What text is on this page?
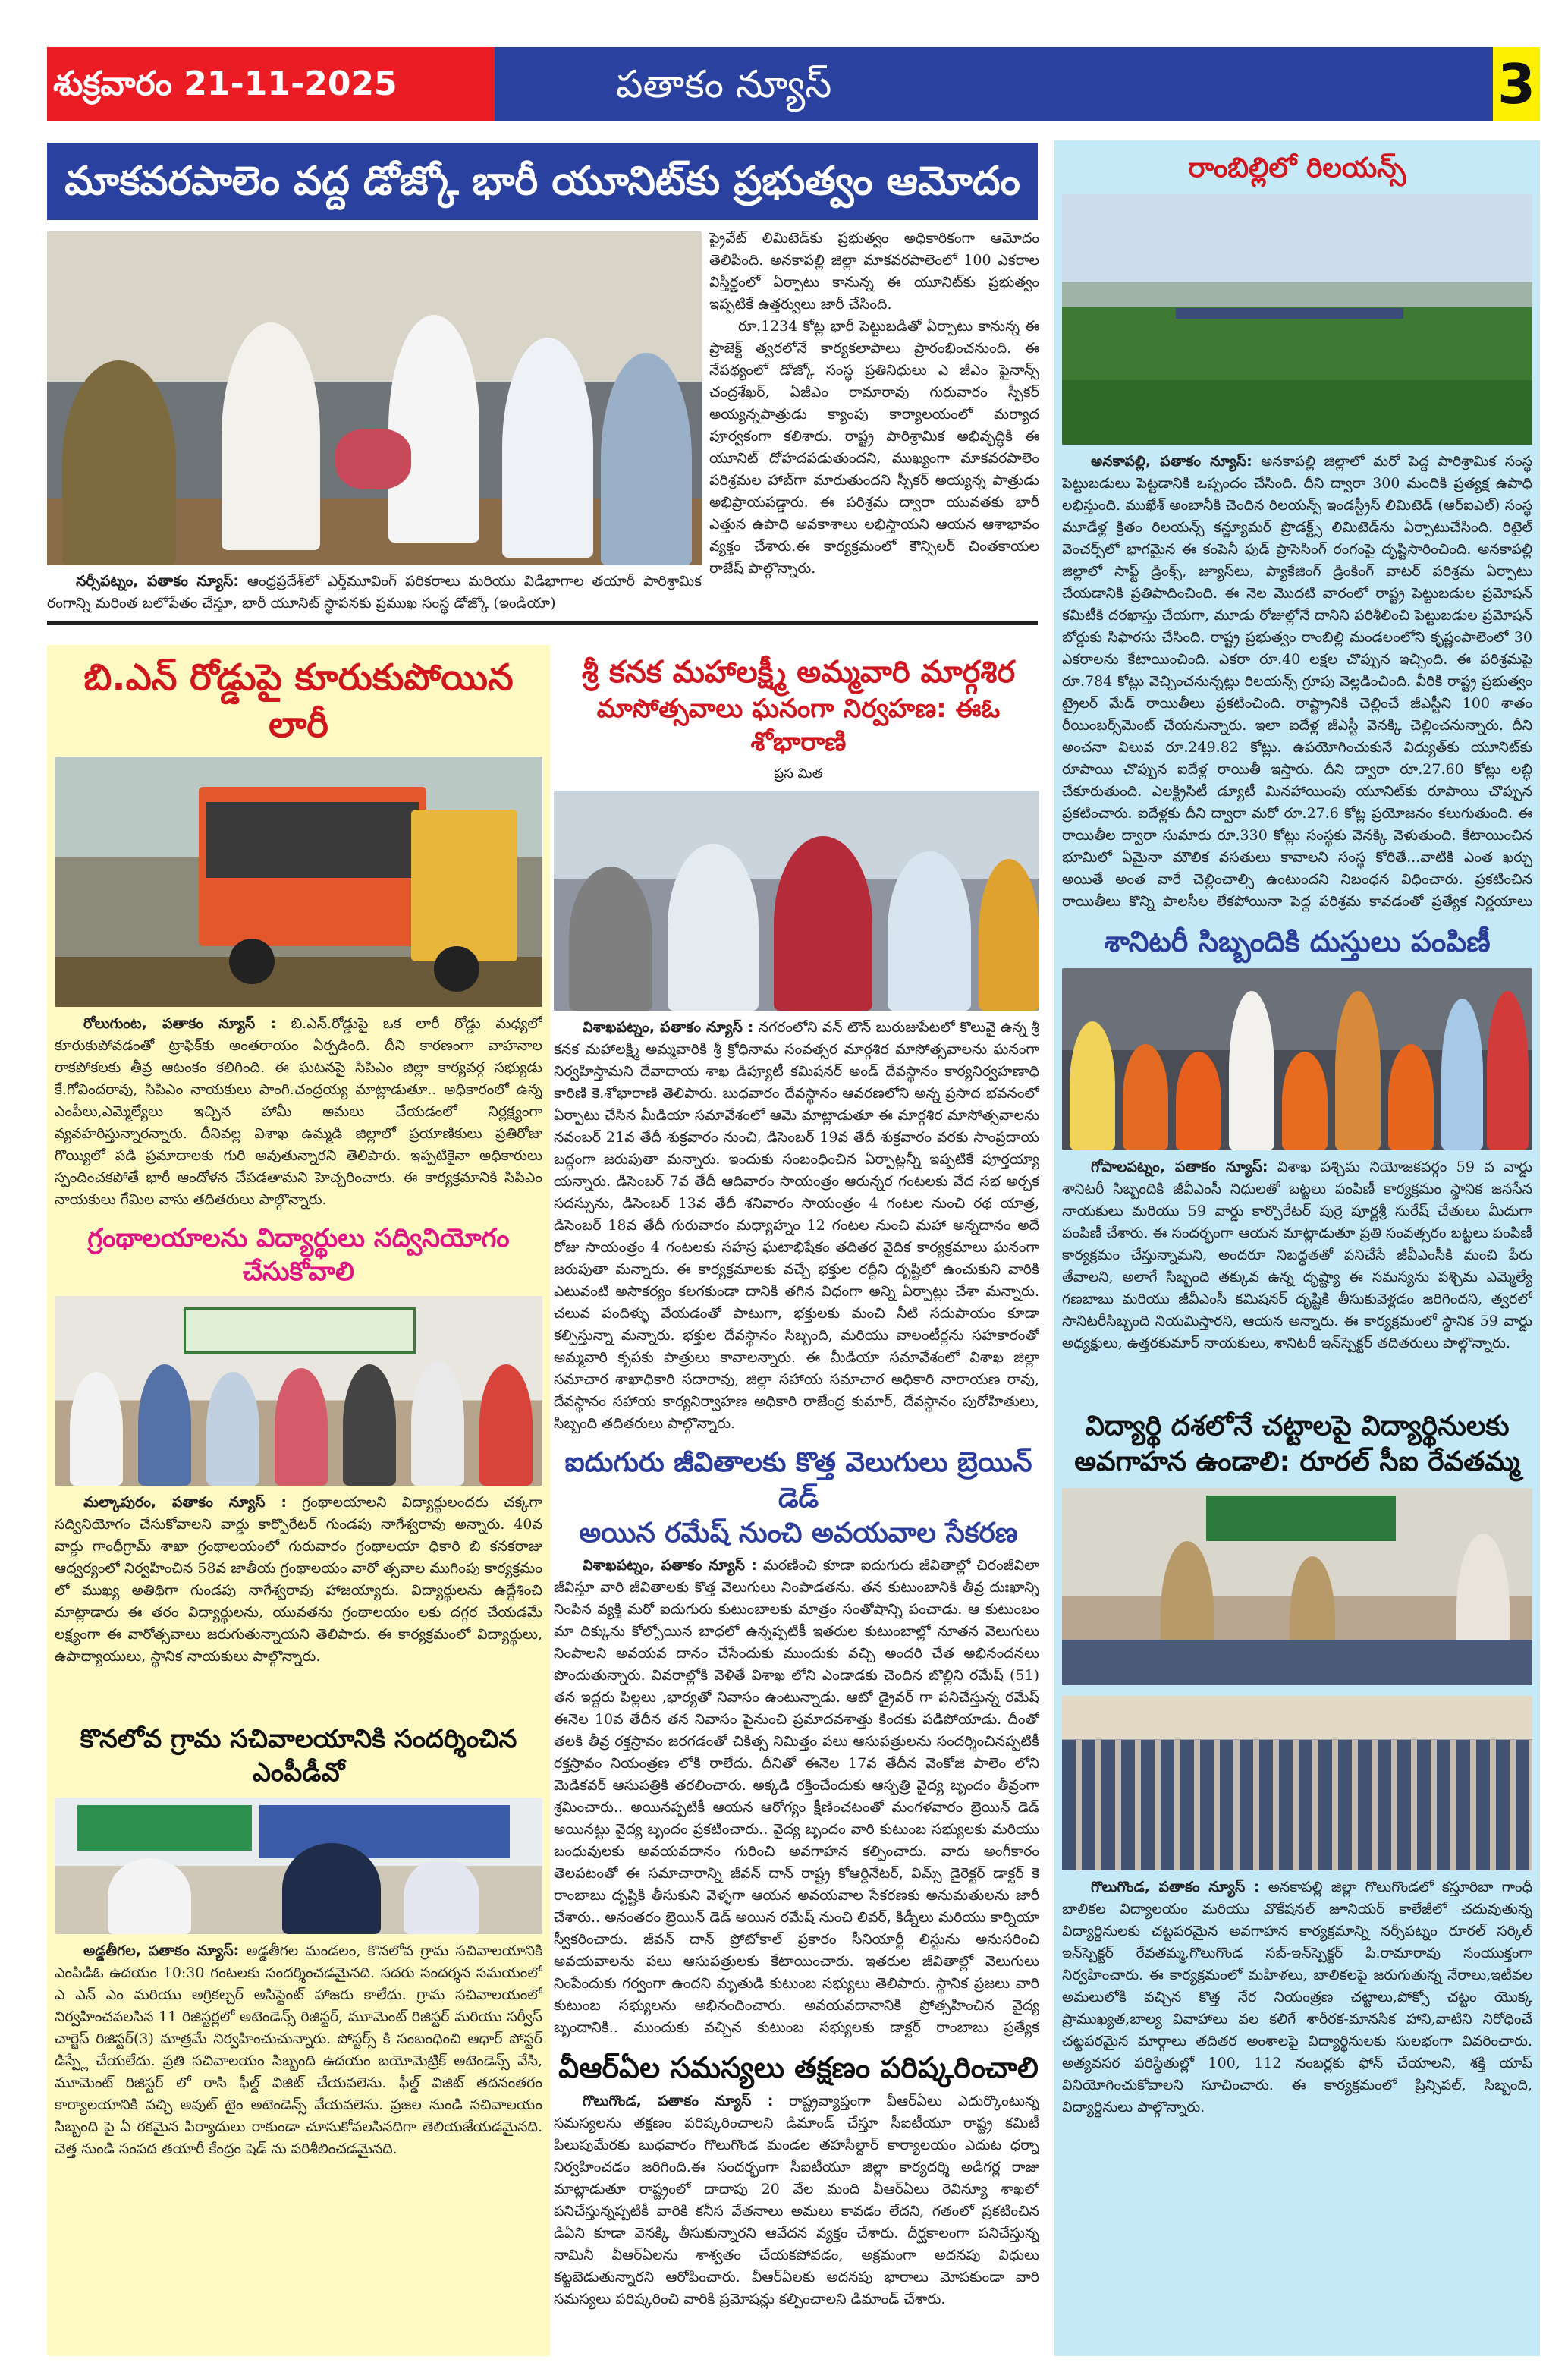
శుక్రవారం 21-11-2025	పతాకం న్యూస్	3
మాకవరపాలెం వద్ద డోజ్కో భారీ యూనిట్‌కు ప్రభుత్వం ఆమోదం
ప్రైవేట్ లిమిటెడ్‌కు ప్రభుత్వం అధికారికంగా ఆమోదం తెలిపింది. అనకాపల్లి జిల్లా మాకవరపాలెంలో 100 ఎకరాల విస్తీర్ణంలో ఏర్పాటు కానున్న ఈ యూనిట్‌కు ప్రభుత్వం ఇప్పటికే ఉత్తర్వులు జారీ చేసింది.
  రూ.1234 కోట్ల భారీ పెట్టుబడితో ఏర్పాటు కానున్న ఈ ప్రాజెక్ట్ త్వరలోనే కార్యకలాపాలు ప్రారంభించనుంది. ఈ నేపథ్యంలో డోజ్కో సంస్థ ప్రతినిధులు ఎ జీఎం ఫైనాన్స్ చంద్రశేఖర్, ఏజీఎం రామారావు గురువారం స్పీకర్ అయ్యన్నపాత్రుడు క్యాంపు కార్యాలయంలో మర్యాద పూర్వకంగా కలిశారు. రాష్ట్ర పారిశ్రామిక అభివృద్ధికి ఈ యూనిట్ దోహదపడుతుందని, ముఖ్యంగా మాకవరపాలెం పరిశ్రమల హాబ్‌గా మారుతుందని స్పీకర్ అయ్యన్న పాత్రుడు అభిప్రాయపడ్డారు. ఈ పరిశ్రమ ద్వారా యువతకు భారీ ఎత్తున ఉపాధి అవకాశాలు లభిస్తాయని ఆయన ఆశాభావం వ్యక్తం చేశారు.ఈ కార్యక్రమంలో కౌన్సిలర్ చింతకాయల రాజేష్ పాల్గొన్నారు.
  నర్సీపట్నం, పతాకం న్యూస్: ఆంధ్రప్రదేశ్‌లో ఎర్త్‌మూవింగ్ పరికరాలు మరియు విడిభాగాల తయారీ పారిశ్రామిక రంగాన్ని మరింత బలోపేతం చేస్తూ, భారీ యూనిట్ స్థాపనకు ప్రముఖ సంస్థ డోజ్కో (ఇండియా)
బి.ఎన్ రోడ్డుపై కూరుకుపోయిన లారీ
  రోలుగుంట, పతాకం న్యూస్ : బి.ఎన్.రోడ్డుపై ఒక లారీ రోడ్డు మధ్యలో కూరుకుపోవడంతో ట్రాఫిక్‌కు అంతరాయం ఏర్పడింది. దీని కారణంగా వాహనాల రాకపోకలకు తీవ్ర ఆటంకం కలిగింది. ఈ ఘటనపై సిపిఎం జిల్లా కార్యవర్గ సభ్యుడు కే.గోవిందరావు, సిపిఎం నాయకులు పాంగి.చంద్రయ్య మాట్లాడుతూ.. అధికారంలో ఉన్న ఎంపీలు,ఎమ్మెల్యేలు ఇచ్చిన హామీ అమలు చేయడంలో నిర్లక్ష్యంగా వ్యవహరిస్తున్నారన్నారు. దీనివల్ల విశాఖ ఉమ్మడి జిల్లాలో ప్రయాణికులు ప్రతిరోజు గొయ్యిలో పడి ప్రమాదాలకు గురి అవుతున్నారని తెలిపారు. ఇప్పటికైనా అధికారులు స్పందించకపోతే భారీ ఆందోళన చేపడతామని హెచ్చరించారు. ఈ కార్యక్రమానికి సిపిఎం నాయకులు గేమిల వాసు తదితరులు పాల్గొన్నారు.
గ్రంథాలయాలను విద్యార్థులు సద్వినియోగం చేసుకోవాలి
  మల్కాపురం, పతాకం న్యూస్ : గ్రంథాలయాలని విద్యార్థులందరు చక్కగా సద్వినియోగం చేసుకోవాలని వార్డు కార్పొరేటర్ గుండపు నాగేశ్వరావు అన్నారు. 40వ వార్డు గాంధీగ్రామ్ శాఖా గ్రంథాలయంలో గురువారం గ్రంథాలయా ధికారి బి కనకరాజు ఆధ్వర్యంలో నిర్వహించిన 58వ జాతీయ గ్రంథాలయం వారో త్సవాల ముగింపు కార్యక్రమం లో ముఖ్య అతిథిగా గుండపు నాగేశ్వరావు హాజయ్యారు. విద్యార్థులను ఉద్దేశించి మాట్లాడారు ఈ తరం విద్యార్థులను, యువతను గ్రంథాలయం లకు దగ్గర చేయడమే లక్ష్యంగా ఈ వారోత్సవాలు జరుగుతున్నాయని తెలిపారు. ఈ కార్యక్రమంలో విద్యార్థులు, ఉపాధ్యాయులు, స్థానిక నాయకులు పాల్గొన్నారు.
కొనలోవ గ్రామ సచివాలయానికి సందర్శించిన ఎంపీడీవో
  అడ్డతీగల, పతాకం న్యూస్: అడ్డతీగల మండలం, కొనలోవ గ్రామ సచివాలయానికి ఎంపిడిఓ ఉదయం 10:30 గంటలకు సందర్శించడమైనది. సదరు సందర్శన సమయంలో ఎ ఎన్ ఎం మరియు అగ్రికల్చర్ అసిస్టెంట్ హాజరు కాలేదు. గ్రామ సచివాలయంలో నిర్వహించవలసిన 11 రిజిస్టర్లలో అటెండెన్స్ రిజిస్టర్, మూమెంట్ రిజిస్టర్ మరియు సర్వీస్ చార్జెస్ రిజిస్టర్(3) మాత్రమే నిర్వహించుచున్నారు. పోస్టర్స్ కి సంబంధించి ఆధార్ పోస్టర్ డిస్ప్లే చేయలేదు. ప్రతి సచివాలయం సిబ్బంది ఉదయం బయోమెట్రిక్ అటెండెన్స్ వేసి, మూమెంట్ రిజిస్టర్ లో రాసి ఫీల్డ్ విజిట్ చేయవలెను. ఫీల్డ్ విజిట్ తదనంతరం కార్యాలయానికి వచ్చి అవుట్ టైం అటెండెన్స్ వేయవలెను. ప్రజల నుండి సచివాలయం సిబ్బంది పై ఏ రకమైన పిర్యాదులు రాకుండా చూసుకోవలసినదిగా తెలియజేయడమైనది. చెత్త నుండి సంపద తయారీ కేంద్రం షెడ్ ను పరిశీలించడమైనది.
శ్రీ కనక మహాలక్ష్మీ అమ్మవారి మార్గశిర
మాసోత్సవాలు ఘనంగా నిర్వహణ: ఈఓ శోభారాణి
ప్రస మిత
  విశాఖపట్నం, పతాకం న్యూస్ : నగరంలోని వన్ టౌన్ బురుజుపేటలో కొలువై ఉన్న శ్రీ కనక మహాలక్ష్మి అమ్మవారికి శ్రీ క్రోధినామ సంవత్సర మార్గశిర మాసోత్సవాలను ఘనంగా నిర్వహిస్తామని దేవాదాయ శాఖ డిప్యూటీ కమిషనర్ అండ్ దేవస్థానం కార్యనిర్వహణాధి కారిణి కె.శోభారాణి తెలిపారు. బుధవారం దేవస్థానం ఆవరణలోని అన్న ప్రసాద భవనంలో ఏర్పాటు చేసిన మీడియా సమావేశంలో ఆమె మాట్లాడుతూ ఈ మార్గశిర మాసోత్సవాలను నవంబర్ 21వ తేదీ శుక్రవారం నుంచి, డిసెంబర్ 19వ తేదీ శుక్రవారం వరకు సాంప్రదాయ బద్ధంగా జరుపుతా మన్నారు. ఇందుకు సంబంధించిన ఏర్పాట్లన్నీ ఇప్పటికే పూర్తయ్యా యన్నారు. డిసెంబర్ 7వ తేదీ ఆదివారం సాయంత్రం ఆరున్నర గంటలకు వేద సభ అర్చక సదస్సును, డిసెంబర్ 13వ తేదీ శనివారం సాయంత్రం 4 గంటల నుంచి రథ యాత్ర, డిసెంబర్ 18వ తేదీ గురువారం మధ్యాహ్నం 12 గంటల నుంచి మహా అన్నదానం అదే రోజు సాయంత్రం 4 గంటలకు సహస్ర ఘటాభిషేకం తదితర వైదిక కార్యక్రమాలు ఘనంగా జరుపుతా మన్నారు. ఈ కార్యక్రమాలకు వచ్చే భక్తుల రద్దీని దృష్టిలో ఉంచుకుని వారికి ఎటువంటి అసౌకర్యం కలగకుండా దానికి తగిన విధంగా అన్ని ఏర్పాట్లు చేశా మన్నారు. చలువ పందిళ్ళు వేయడంతో పాటుగా, భక్తులకు మంచి నీటి సదుపాయం కూడా కల్పిస్తున్నా మన్నారు. భక్తుల దేవస్థానం సిబ్బంది, మరియు వాలంటీర్లను సహకారంతో అమ్మవారి కృపకు పాత్రులు కావాలన్నారు. ఈ మీడియా సమావేశంలో విశాఖ జిల్లా సమాచార శాఖాధికారి సదారావు, జిల్లా సహాయ సమాచార అధికారి నారాయణ రావు, దేవస్థానం సహాయ కార్యనిర్వాహణ అధికారి రాజేంద్ర కుమార్, దేవస్థానం పురోహితులు, సిబ్బంది తదితరులు పాల్గొన్నారు.
ఐదుగురు జీవితాలకు కొత్త వెలుగులు బ్రెయిన్ డెడ్
అయిన రమేష్ నుంచి అవయవాల సేకరణ
  విశాఖపట్నం, పతాకం న్యూస్ : మరణించి కూడా ఐదుగురు జీవితాల్లో చిరంజీవిలా జీవిస్తూ వారి జీవితాలకు కొత్త వెలుగులు నింపాడతను. తన కుటుంబానికి తీవ్ర దుఃఖాన్ని నింపిన వ్యక్తి మరో ఐదుగురు కుటుంబాలకు మాత్రం సంతోషాన్ని పంచాడు. ఆ కుటుంబం మా దిక్కును కోల్పోయిన బాధలో ఉన్నప్పటికీ ఇతరుల కుటుంబాల్లో నూతన వెలుగులు నింపాలని అవయవ దానం చేసేందుకు ముందుకు వచ్చి అందరి చేత అభినందనలు పొందుతున్నారు. వివరాల్లోకి వెళితే విశాఖ లోని ఎండాడకు చెందిన బొల్లిని రమేష్ (51) తన ఇద్దరు పిల్లలు ,భార్యతో నివాసం ఉంటున్నాడు. ఆటో డ్రైవర్ గా పనిచేస్తున్న రమేష్ ఈనెల 10వ తేదీన తన నివాసం పైనుంచి ప్రమాదవశాత్తు కిందకు పడిపోయాడు. దీంతో తలకి తీవ్ర రక్తస్రావం జరగడంతో చికిత్స నిమిత్తం పలు ఆసుపత్రులను సందర్శించినప్పటికీ రక్తస్రావం నియంత్రణ లోకి రాలేదు. దీనితో ఈనెల 17వ తేదీన వెంకోజి పాలెం లోని మెడికవర్ ఆసుపత్రికి తరలించారు. అక్కడి రక్తించేందుకు ఆస్పత్రి వైద్య బృందం తీవ్రంగా శ్రమించారు.. అయినప్పటికీ ఆయన ఆరోగ్యం క్షీణించటంతో మంగళవారం బ్రెయిన్ డెడ్ అయినట్టు వైద్య బృందం ప్రకటించారు.. వైద్య బృందం వారి కుటుంబ సభ్యులకు మరియు బంధువులకు అవయవదానం గురించి అవగాహన కల్పించారు. వారు అంగీకారం తెలపటంతో ఈ సమాచారాన్ని జీవన్ దాన్ రాష్ట్ర కోఆర్డినేటర్, విమ్స్ డైరెక్టర్ డాక్టర్ కె రాంబాబు దృష్టికి తీసుకుని వెళ్ళగా ఆయన అవయవాల సేకరణకు అనుమతులను జారీ చేశారు.. అనంతరం బ్రెయిన్ డెడ్ అయిన రమేష్ నుంచి లివర్, కిడ్నీలు మరియు కార్నియా స్వీకరించారు. జీవన్ దాన్ ప్రోటోకాల్ ప్రకారం సీనియార్టీ లిస్టును అనుసరించి అవయవాలను పలు ఆసుపత్రులకు కేటాయించారు. ఇతరుల జీవితాల్లో వెలుగులు నింపేందుకు గర్వంగా ఉందని మృతుడి కుటుంబ సభ్యులు తెలిపారు. స్థానిక ప్రజలు వారి కుటుంబ సభ్యులను అభినందించారు. అవయవదానానికి ప్రోత్సహించిన వైద్య బృందానికి.. ముందుకు వచ్చిన కుటుంబ సభ్యులకు డాక్టర్ రాంబాబు ప్రత్యేక
వీఆర్‌ఏల సమస్యలు తక్షణం పరిష్కరించాలి
  గొలుగొండ, పతాకం న్యూస్ : రాష్ట్రవ్యాప్తంగా వీఆర్‌ఏలు ఎదుర్కొంటున్న సమస్యలను తక్షణం పరిష్కరించాలని డిమాండ్ చేస్తూ సీఐటీయూ రాష్ట్ర కమిటీ పిలుపుమేరకు బుధవారం గొలుగొండ మండల తహసీల్దార్ కార్యాలయం ఎదుట ధర్నా నిర్వహించడం జరిగింది.ఈ సందర్భంగా సీఐటీయూ జిల్లా కార్యదర్శి అడిగర్ల రాజు మాట్లాడుతూ రాష్ట్రంలో దాదాపు 20 వేల మంది వీఆర్‌ఏలు రెవిన్యూ శాఖలో పనిచేస్తున్నప్పటికీ వారికి కనీస వేతనాలు అమలు కావడం లేదని, గతంలో ప్రకటించిన డిఏని కూడా వెనక్కి తీసుకున్నారని ఆవేదన వ్యక్తం చేశారు. దీర్ఘకాలంగా పనిచేస్తున్న నామినీ వీఆర్‌ఏలను శాశ్వతం చేయకపోవడం, అక్రమంగా అదనపు విధులు కట్టబెడుతున్నారని ఆరోపించారు. వీఆర్‌ఏలకు అదనపు భారాలు మోపకుండా వారి సమస్యలు పరిష్కరించి వారికి ప్రమోషన్లు కల్పించాలని డిమాండ్ చేశారు.
రాంబిల్లిలో రిలయన్స్
  అనకాపల్లి, పతాకం న్యూస్: అనకాపల్లి జిల్లాలో మరో పెద్ద పారిశ్రామిక సంస్థ పెట్టుబడులు పెట్టడానికి ఒప్పందం చేసింది. దీని ద్వారా 300 మందికి ప్రత్యక్ష ఉపాధి లభిస్తుంది. ముఖేశ్ అంబానీకి చెందిన రిలయన్స్ ఇండస్ట్రీస్ లిమిటెడ్ (ఆర్‌ఐఎల్) సంస్థ మూడేళ్ల క్రితం రిలయన్స్ కన్జ్యూమర్ ప్రొడక్ట్స్ లిమిటెడ్‌ను ఏర్పాటుచేసింది. రిటైల్ వెంచర్స్‌లో భాగమైన ఈ కంపెనీ ఫుడ్ ప్రాసెసింగ్ రంగంపై దృష్టిసారించింది. అనకాపల్లి జిల్లాలో సాఫ్ట్ డ్రింక్స్, జ్యూస్‌లు, ప్యాకేజింగ్ డ్రింకింగ్ వాటర్ పరిశ్రమ ఏర్పాటు చేయడానికి ప్రతిపాదించింది. ఈ నెల మొదటి వారంలో రాష్ట్ర పెట్టుబడుల ప్రమోషన్ కమిటీకి దరఖాస్తు చేయగా, మూడు రోజుల్లోనే దానిని పరిశీలించి పెట్టుబడుల ప్రమోషన్ బోర్డుకు సిఫారసు చేసింది. రాష్ట్ర ప్రభుత్వం రాంబిల్లి మండలంలోని కృష్ణంపాలెంలో 30 ఎకరాలను కేటాయించింది. ఎకరా రూ.40 లక్షల చొప్పున ఇచ్చింది. ఈ పరిశ్రమపై రూ.784 కోట్లు వెచ్చించనున్నట్లు రిలయన్స్ గ్రూపు వెల్లడించింది. వీరికి రాష్ట్ర ప్రభుత్వం ట్రైలర్ మేడ్ రాయితీలు ప్రకటించింది. రాష్ట్రానికి చెల్లించే జీఎస్టీని 100 శాతం రీయింబర్స్‌మెంట్ చేయనున్నారు. ఇలా ఐదేళ్ల జీఎస్టీ వెనక్కి చెల్లించనున్నారు. దీని అంచనా విలువ రూ.249.82 కోట్లు. ఉపయోగించుకునే విద్యుత్‌కు యూనిట్‌కు రూపాయి చొప్పున ఐదేళ్ల రాయితీ ఇస్తారు. దీని ద్వారా రూ.27.60 కోట్లు లబ్ధి చేకూరుతుంది. ఎలక్ట్రిసిటీ డ్యూటీ మినహాయింపు యూనిట్‌కు రూపాయి చొప్పున ప్రకటించారు. ఐదేళ్లకు దీని ద్వారా మరో రూ.27.6 కోట్ల ప్రయోజనం కలుగుతుంది. ఈ రాయితీల ద్వారా సుమారు రూ.330 కోట్లు సంస్థకు వెనక్కి వెళుతుంది. కేటాయించిన భూమిలో ఏమైనా మౌలిక వసతులు కావాలని సంస్థ కోరితే...వాటికి ఎంత ఖర్చు అయితే అంత వారే చెల్లించాల్సి ఉంటుందని నిబంధన విధించారు. ప్రకటించిన రాయితీలు కొన్ని పాలసీల లేకపోయినా పెద్ద పరిశ్రమ కావడంతో ప్రత్యేక నిర్ణయాలు
శానిటరీ సిబ్బందికి దుస్తులు పంపిణీ
  గోపాలపట్నం, పతాకం న్యూస్: విశాఖ పశ్చిమ నియోజకవర్గం 59 వ వార్డు శానిటరీ సిబ్బందికి జీవీఎంసీ నిధులతో బట్టలు పంపిణీ కార్యక్రమం స్థానిక జనసేన నాయకులు మరియు 59 వార్డు కార్పొరేటర్ పుర్రె పూర్ణశ్రీ సురేష్ చేతులు మీదుగా పంపిణీ చేశారు. ఈ సందర్భంగా ఆయన మాట్లాడుతూ ప్రతి సంవత్సరం బట్టలు పంపిణీ కార్యక్రమం చేస్తున్నామని, అందరూ నిబద్ధతతో పనిచేసే జీవీఎంసీకి మంచి పేరు తేవాలని, అలాగే సిబ్బంది తక్కువ ఉన్న దృష్ట్యా ఈ సమస్యను పశ్చిమ ఎమ్మెల్యే గణబాబు మరియు జీవీఎంసీ కమిషనర్ దృష్టికి తీసుకువెళ్లడం జరిగిందని, త్వరలో సానిటరీసిబ్బంది నియమిస్తారని, ఆయన అన్నారు. ఈ కార్యక్రమంలో స్థానిక 59 వార్డు అధ్యక్షులు, ఉత్తరకుమార్ నాయకులు, శానిటరీ ఇన్‌స్పెక్టర్ తదితరులు పాల్గొన్నారు.
విద్యార్థి దశలోనే చట్టాలపై విద్యార్థినులకు
అవగాహన ఉండాలి: రూరల్ సీఐ రేవతమ్మ
  గొలుగొండ, పతాకం న్యూస్ : అనకాపల్లి జిల్లా గొలుగొండలో కస్తూరిబా గాంధీ బాలికల విద్యాలయం మరియు వొకేషనల్ జూనియర్ కాలేజీలో చదువుతున్న విద్యార్థినులకు చట్టపరమైన అవగాహన కార్యక్రమాన్ని నర్సీపట్నం రూరల్ సర్కిల్ ఇన్‌స్పెక్టర్ రేవతమ్మ,గొలుగొండ సబ్-ఇన్‌స్పెక్టర్ పి.రామారావు సంయుక్తంగా నిర్వహించారు. ఈ కార్యక్రమంలో మహిళలు, బాలికలపై జరుగుతున్న నేరాలు,ఇటీవల అమలులోకి వచ్చిన కొత్త నేర నియంత్రణ చట్టాలు,పోక్సో చట్టం యొక్క ప్రాముఖ్యత,బాల్య వివాహాలు వల కలిగే శారీరక-మానసిక హాని,వాటిని నిరోధించే చట్టపరమైన మార్గాలు తదితర అంశాలపై విద్యార్థినులకు సులభంగా వివరించారు. అత్యవసర పరిస్థితుల్లో 100, 112 నంబర్లకు ఫోన్ చేయాలని, శక్తి యాప్ వినియోగించుకోవాలని సూచించారు. ఈ కార్యక్రమంలో ప్రిన్సిపల్, సిబ్బంది, విద్యార్థినులు పాల్గొన్నారు.
